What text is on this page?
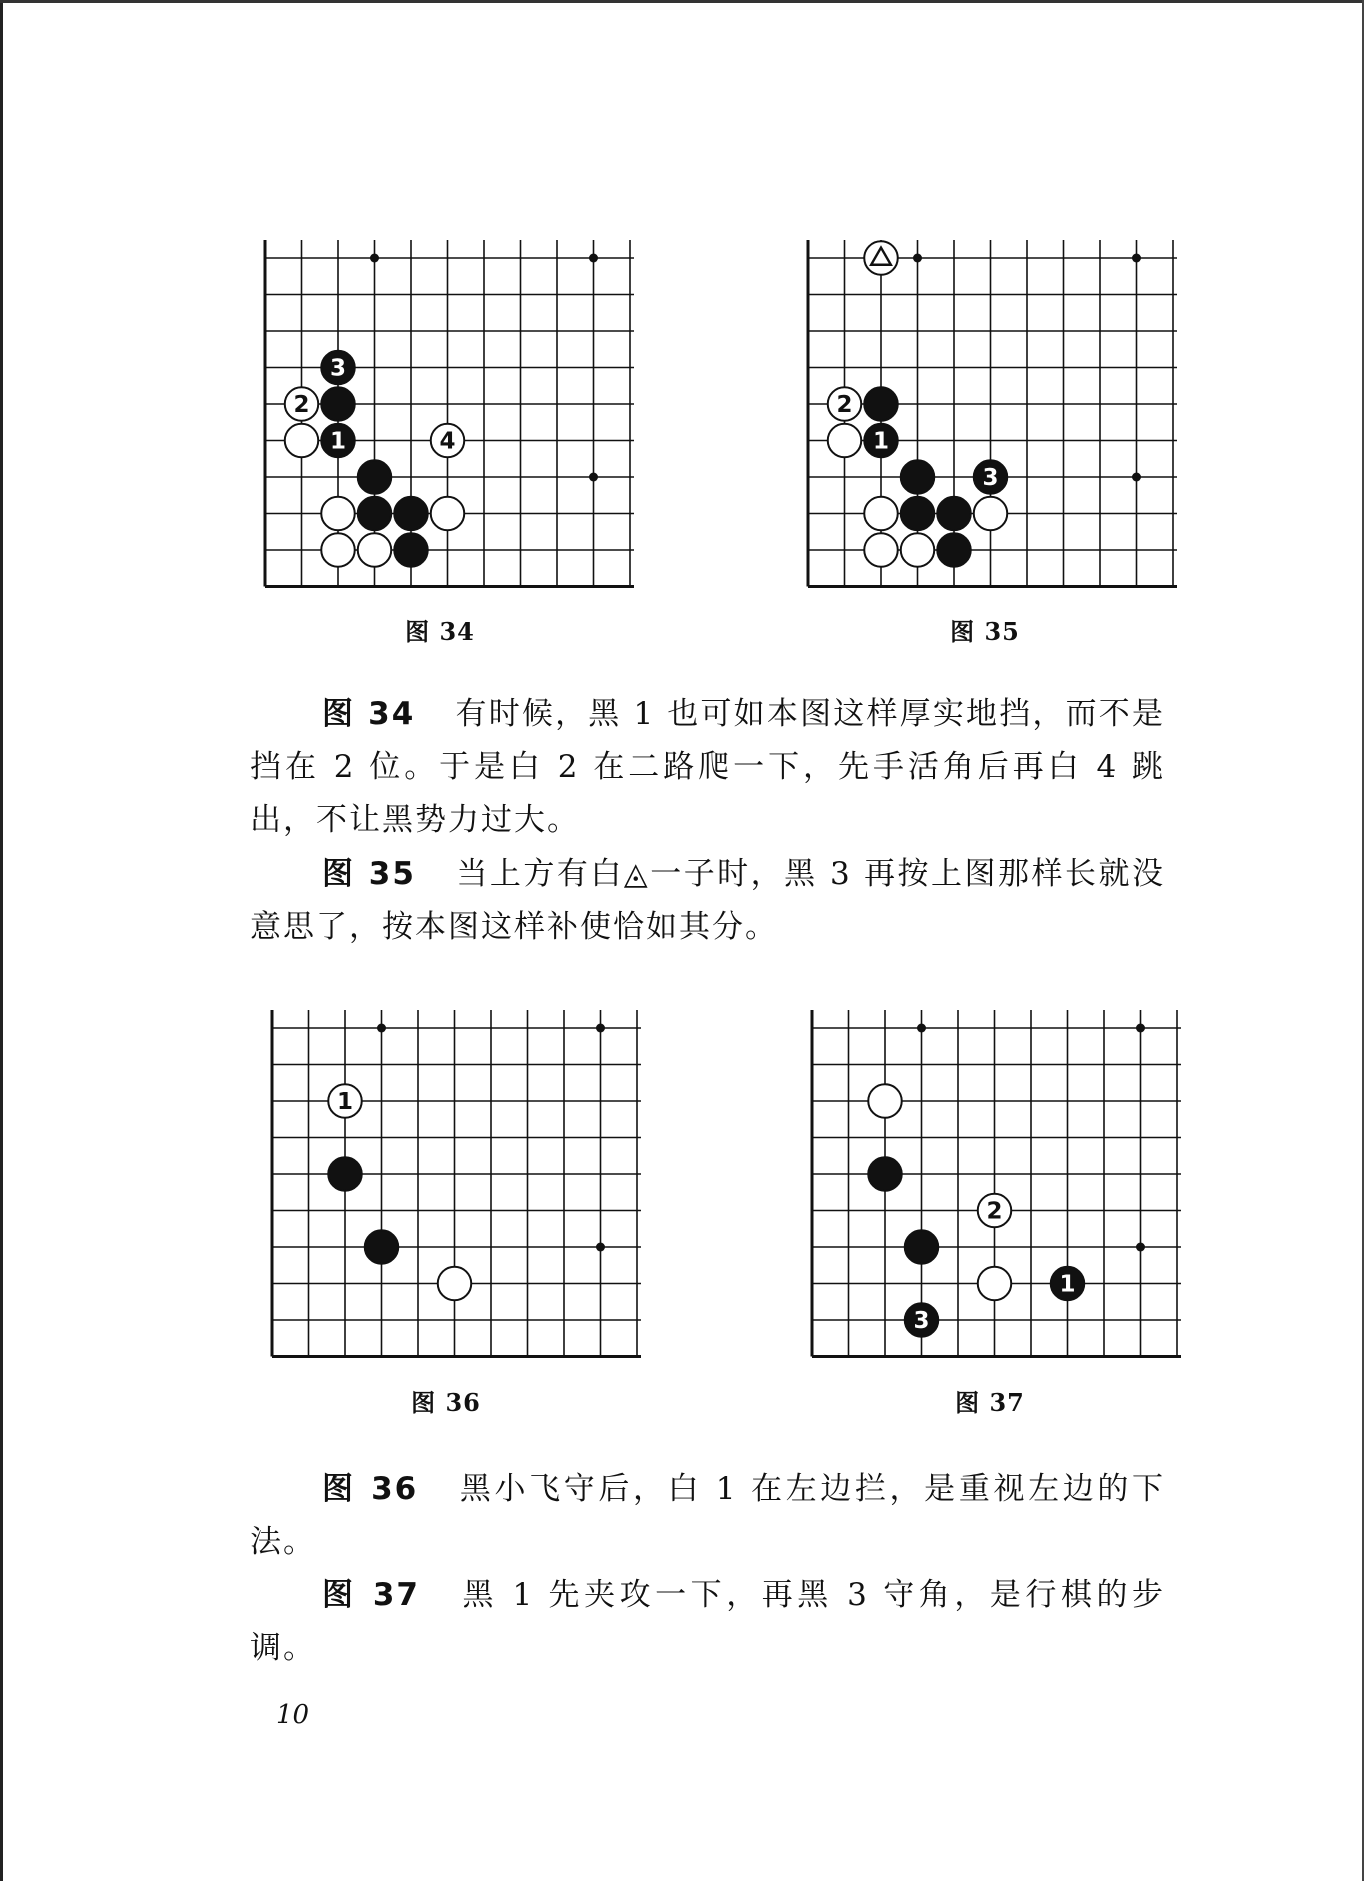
3
2
1	4
图 34
2
1
3
图 35
1
图 36
2
1
3
图 37
图 34 有时候，黑 1 也可如本图这样厚实地挡，而不是挡在 2 位。于是白 2 在二路爬一下，先手活角后再白 4 跳出，不让黑势力过大。
图 35 当上方有白◬一子时，黑 3 再按上图那样长就没意思了，按本图这样补使恰如其分。
图 36 黑小飞守后，白 1 在左边拦，是重视左边的下法。
图 37 黑 1 先夹攻一下，再黑 3 守角，是行棋的步调。
10
